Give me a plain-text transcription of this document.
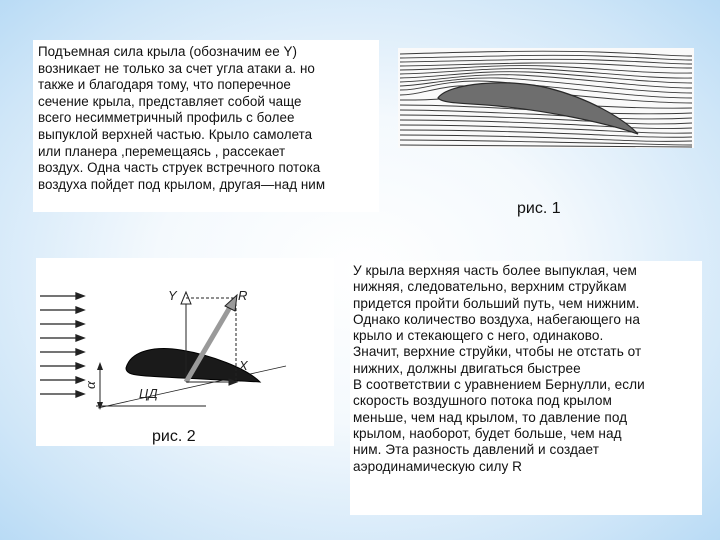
Подъемная сила крыла (обозначим ее Y)
возникает не только за счет угла атаки а. но
также и благодаря тому, что поперечное
сечение крыла, представляет собой чаще
всего несимметричный профиль с более
выпуклой верхней частью. Крыло самолета
или планера ,перемещаясь , рассекает
воздух. Одна часть струек встречного потока
воздуха пойдет под крылом, другая—над ним

рис. 1

Y	R
X
ЦД
α

рис. 2

У крыла верхняя часть более выпуклая, чем
нижняя, следовательно, верхним струйкам
придется пройти больший путь, чем нижним.
Однако количество воздуха, набегающего на
крыло и стекающего с него, одинаково.
Значит, верхние струйки, чтобы не отстать от
нижних, должны двигаться быстрее
В соответствии с уравнением Бернулли, если
скорость воздушного потока под крылом
меньше, чем над крылом, то давление под
крылом, наоборот, будет больше, чем над
ним. Эта разность давлений и создает
аэродинамическую силу R
